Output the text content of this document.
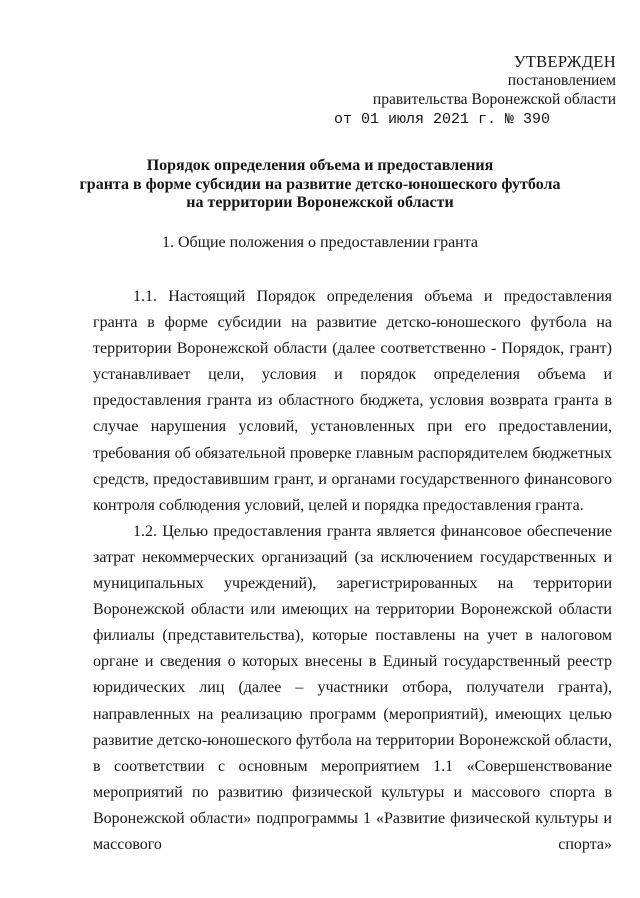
УТВЕРЖДЕН
постановлением
правительства Воронежской области
от 01 июля 2021 г. № 390
Порядок определения объема и предоставления
гранта в форме субсидии на развитие детско-юношеского футбола
на территории Воронежской области
1. Общие положения о предоставлении гранта

1.1. Настоящий Порядок определения объема и предоставления гранта в форме субсидии на развитие детско-юношеского футбола на территории Воронежской области (далее соответственно - Порядок, грант) устанавливает цели, условия и порядок определения объема и предоставления гранта из областного бюджета, условия возврата гранта в случае нарушения условий, установленных при его предоставлении, требования об обязательной проверке главным распорядителем бюджетных средств, предоставившим грант, и органами государственного финансового контроля соблюдения условий, целей и порядка предоставления гранта.

1.2. Целью предоставления гранта является финансовое обеспечение затрат некоммерческих организаций (за исключением государственных и муниципальных учреждений), зарегистрированных на территории Воронежской области или имеющих на территории Воронежской области филиалы (представительства), которые поставлены на учет в налоговом органе и сведения о которых внесены в Единый государственный реестр юридических лиц (далее – участники отбора, получатели гранта), направленных на реализацию программ (мероприятий), имеющих целью развитие детско-юношеского футбола на территории Воронежской области, в соответствии с основным мероприятием 1.1 «Совершенствование мероприятий по развитию физической культуры и массового спорта в Воронежской области» подпрограммы 1 «Развитие физической культуры и массового спорта»
